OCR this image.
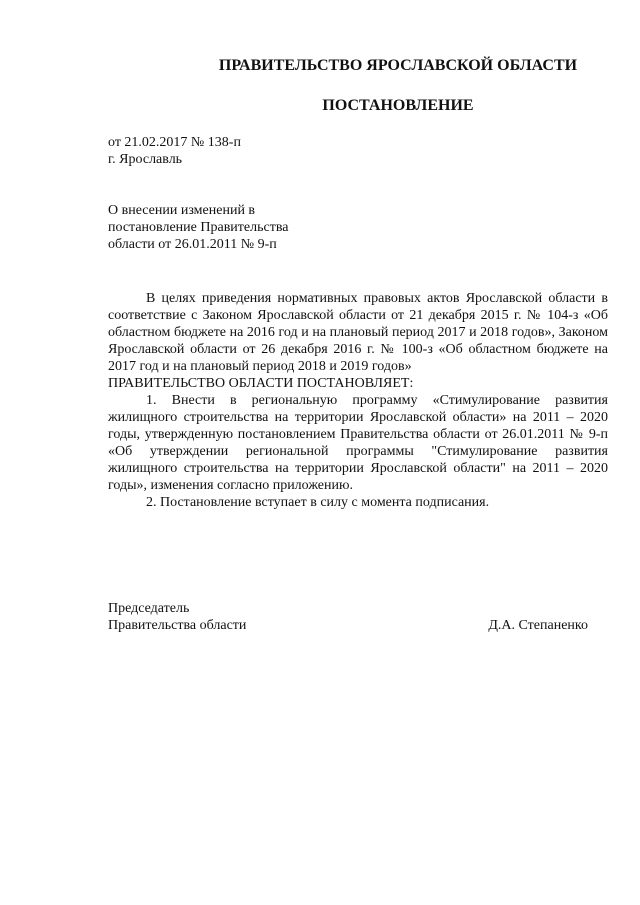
ПРАВИТЕЛЬСТВО ЯРОСЛАВСКОЙ ОБЛАСТИ
ПОСТАНОВЛЕНИЕ
от 21.02.2017 № 138-п
г. Ярославль
О внесении изменений в
постановление Правительства
области от 26.01.2011 № 9-п

В целях приведения нормативных правовых актов Ярославской области в соответствие с Законом Ярославской области от 21 декабря 2015 г. № 104-з «Об областном бюджете на 2016 год и на плановый период 2017 и 2018 годов», Законом Ярославской области от 26 декабря 2016 г. № 100-з «Об областном бюджете на 2017 год и на плановый период 2018 и 2019 годов»

ПРАВИТЕЛЬСТВО ОБЛАСТИ ПОСТАНОВЛЯЕТ:

1. Внести в региональную программу «Стимулирование развития жилищного строительства на территории Ярославской области» на 2011 – 2020 годы, утвержденную постановлением Правительства области от 26.01.2011 № 9-п «Об утверждении региональной программы "Стимулирование развития жилищного строительства на территории Ярославской области" на 2011 – 2020 годы», изменения согласно приложению.

2. Постановление вступает в силу с момента подписания.

Председатель
Правительства области	Д.А. Степаненко
